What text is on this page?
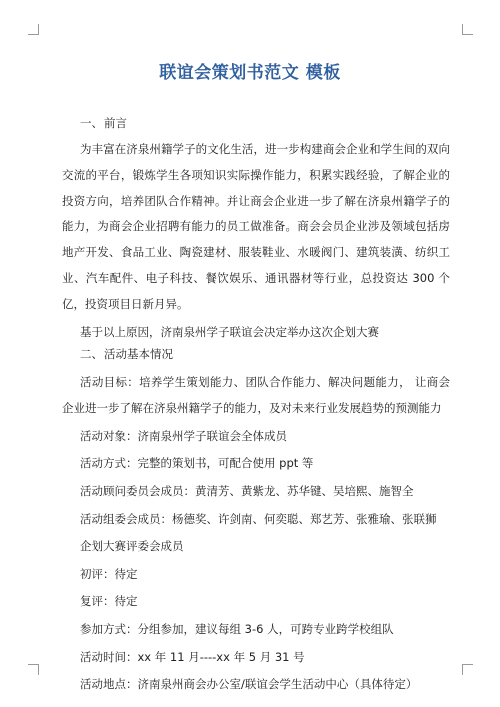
联谊会策划书范文 模板
一、前言

为丰富在济泉州籍学子的文化生活，进一步构建商会企业和学生间的双向交流的平台，锻炼学生各项知识实际操作能力，积累实践经验，了解企业的投资方向，培养团队合作精神。并让商会企业进一步了解在济泉州籍学子的能力，为商会企业招聘有能力的员工做准备。商会会员企业涉及领域包括房地产开发、食品工业、陶瓷建材、服装鞋业、水暖阀门、建筑装潢、纺织工业、汽车配件、电子科技、餐饮娱乐、通讯器材等行业，总投资达 300 个亿，投资项目日新月异。

基于以上原因，济南泉州学子联谊会决定举办这次企划大赛

二、活动基本情况

活动目标：培养学生策划能力、团队合作能力、解决问题能力， 让商会企业进一步了解在济泉州籍学子的能力，及对未来行业发展趋势的预测能力

活动对象：济南泉州学子联谊会全体成员

活动方式：完整的策划书，可配合使用 ppt 等

活动顾问委员会成员：黄清芳、黄紫龙、苏华键、吴培熙、施智全

活动组委会成员：杨德奖、许剑南、何奕聪、郑艺芳、张雅瑜、张联狮

企划大赛评委会成员

初评：待定

复评：待定

参加方式：分组参加，建议每组 3-6 人，可跨专业跨学校组队

活动时间：xx 年 11 月----xx 年 5 月 31 号

活动地点：济南泉州商会办公室/联谊会学生活动中心（具体待定）
